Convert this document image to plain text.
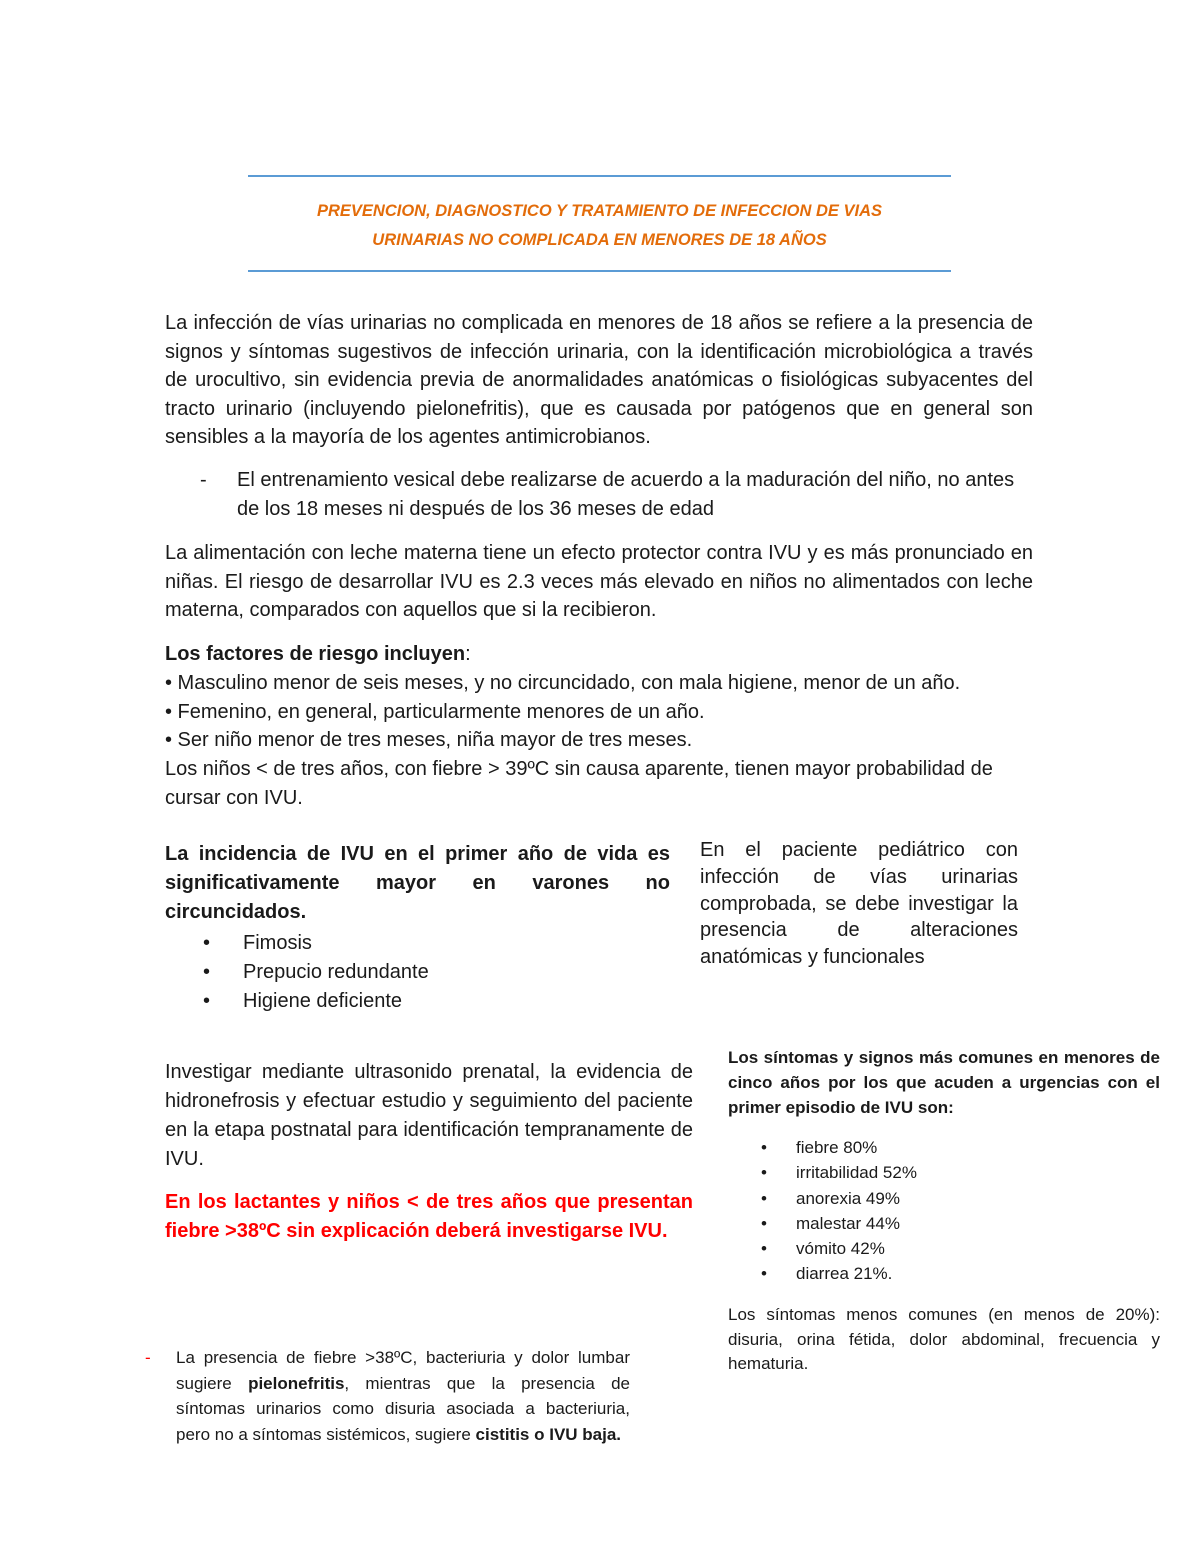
PREVENCION, DIAGNOSTICO Y TRATAMIENTO DE INFECCION DE VIAS
URINARIAS NO COMPLICADA EN MENORES DE 18 AÑOS

La infección de vías urinarias no complicada en menores de 18 años se refiere a la presencia de signos y síntomas sugestivos de infección urinaria, con la identificación microbiológica a través de urocultivo, sin evidencia previa de anormalidades anatómicas o fisiológicas subyacentes del tracto urinario (incluyendo pielonefritis), que es causada por patógenos que en general son sensibles a la mayoría de los agentes antimicrobianos.

- El entrenamiento vesical debe realizarse de acuerdo a la maduración del niño, no antes de los 18 meses ni después de los 36 meses de edad

La alimentación con leche materna tiene un efecto protector contra IVU y es más pronunciado en niñas. El riesgo de desarrollar IVU es 2.3 veces más elevado en niños no alimentados con leche materna, comparados con aquellos que si la recibieron.

Los factores de riesgo incluyen:

• Masculino menor de seis meses, y no circuncidado, con mala higiene, menor de un año.

• Femenino, en general, particularmente menores de un año.

• Ser niño menor de tres meses, niña mayor de tres meses.

Los niños < de tres años, con fiebre > 39ºC sin causa aparente, tienen mayor probabilidad de cursar con IVU.

La incidencia de IVU en el primer año de vida es significativamente mayor en varones no circuncidados.

• Fimosis

• Prepucio redundante

• Higiene deficiente

En el paciente pediátrico con infección de vías urinarias comprobada, se debe investigar la presencia de alteraciones anatómicas y funcionales

Investigar mediante ultrasonido prenatal, la evidencia de hidronefrosis y efectuar estudio y seguimiento del paciente en la etapa postnatal para identificación tempranamente de IVU.

En los lactantes y niños < de tres años que presentan fiebre >38ºC sin explicación deberá investigarse IVU.

- La presencia de fiebre >38ºC, bacteriuria y dolor lumbar sugiere pielonefritis, mientras que la presencia de síntomas urinarios como disuria asociada a bacteriuria, pero no a síntomas sistémicos, sugiere cistitis o IVU baja.

Los síntomas y signos más comunes en menores de cinco años por los que acuden a urgencias con el primer episodio de IVU son:

• fiebre 80%

• irritabilidad 52%

• anorexia 49%

• malestar 44%

• vómito 42%

• diarrea 21%.

Los síntomas menos comunes (en menos de 20%): disuria, orina fétida, dolor abdominal, frecuencia y hematuria.
